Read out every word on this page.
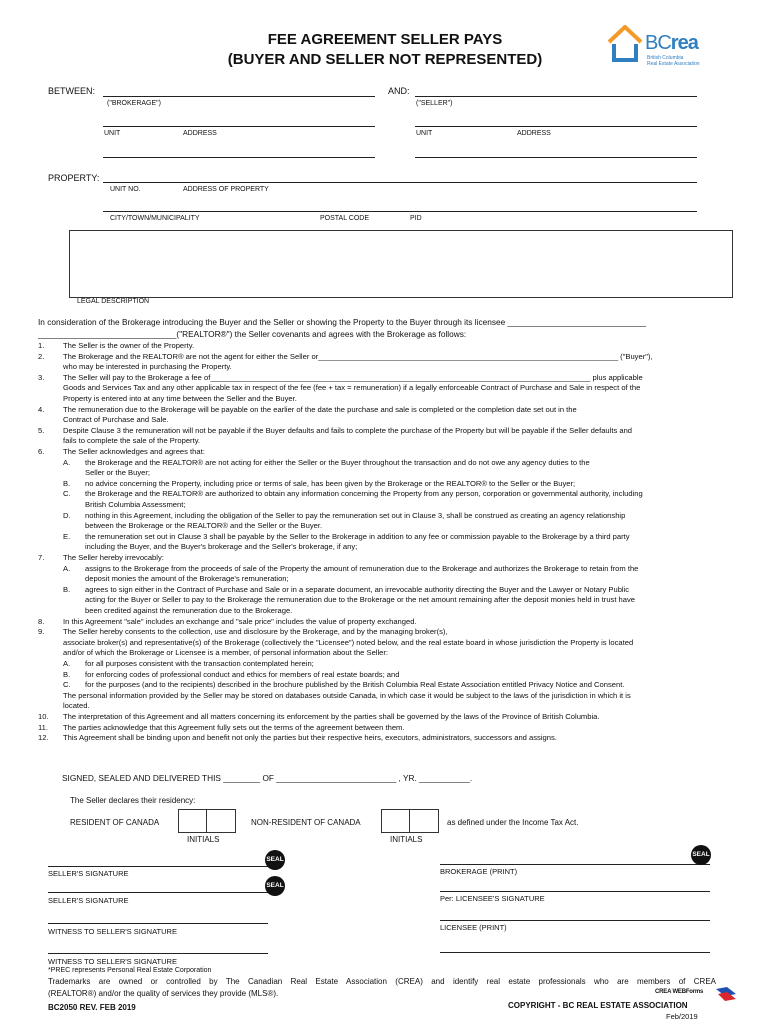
FEE AGREEMENT SELLER PAYS
(BUYER AND SELLER NOT REPRESENTED)
BCrea
British Columbia
Real Estate Association
BETWEEN:
("BROKERAGE")
AND:
("SELLER")
UNIT	ADDRESS	UNIT	ADDRESS
PROPERTY:
UNIT NO.	ADDRESS OF PROPERTY
CITY/TOWN/MUNICIPALITY	POSTAL CODE	PID
LEGAL DESCRIPTION
In consideration of the Brokerage introducing the Buyer and the Seller or showing the Property to the Buyer through its licensee ______________________________
______________________________("REALTOR®") the Seller covenants and agrees with the Brokerage as follows:
1.	The Seller is the owner of the Property.
2.	The Brokerage and the REALTOR® are not the agent for either the Seller or_______________________________________________________________________ ("Buyer"),
who may be interested in purchasing the Property.
3.	The Seller will pay to the Brokerage a fee of__________________________________________________________________________________________ plus applicable
Goods and Services Tax and any other applicable tax in respect of the fee (fee + tax = remuneration) if a legally enforceable Contract of Purchase and Sale in respect of the
Property is entered into at any time between the Seller and the Buyer.
4.	The remuneration due to the Brokerage will be payable on the earlier of the date the purchase and sale is completed or the completion date set out in the
Contract of Purchase and Sale.
5.	Despite Clause 3 the remuneration will not be payable if the Buyer defaults and fails to complete the purchase of the Property but will be payable if the Seller defaults and
fails to complete the sale of the Property.
6.	The Seller acknowledges and agrees that:
A.	the Brokerage and the REALTOR® are not acting for either the Seller or the Buyer throughout the transaction and do not owe any agency duties to the
Seller or the Buyer;
B.	no advice concerning the Property, including price or terms of sale, has been given by the Brokerage or the REALTOR® to the Seller or the Buyer;
C.	the Brokerage and the REALTOR® are authorized to obtain any information concerning the Property from any person, corporation or governmental authority, including
British Columbia Assessment;
D.	nothing in this Agreement, including the obligation of the Seller to pay the remuneration set out in Clause 3, shall be construed as creating an agency relationship
between the Brokerage or the REALTOR® and the Seller or the Buyer.
E.	the remuneration set out in Clause 3 shall be payable by the Seller to the Brokerage in addition to any fee or commission payable to the Brokerage by a third party
including the Buyer, and the Buyer's brokerage and the Seller's brokerage, if any;
7.	The Seller hereby irrevocably:
A.	assigns to the Brokerage from the proceeds of sale of the Property the amount of remuneration due to the Brokerage and authorizes the Brokerage to retain from the
deposit monies the amount of the Brokerage's remuneration;
B.	agrees to sign either in the Contract of Purchase and Sale or in a separate document, an irrevocable authority directing the Buyer and the Lawyer or Notary Public
acting for the Buyer or Seller to pay to the Brokerage the remuneration due to the Brokerage or the net amount remaining after the deposit monies held in trust have
been credited against the remuneration due to the Brokerage.
8.	In this Agreement "sale" includes an exchange and "sale price" includes the value of property exchanged.
9.	The Seller hereby consents to the collection, use and disclosure by the Brokerage, and by the managing broker(s),
associate broker(s) and representative(s) of the Brokerage (collectively the "Licensee") noted below, and the real estate board in whose jurisdiction the Property is located
and/or of which the Brokerage or Licensee is a member, of personal information about the Seller:
A.	for all purposes consistent with the transaction contemplated herein;
B.	for enforcing codes of professional conduct and ethics for members of real estate boards; and
C.	for the purposes (and to the recipients) described in the brochure published by the British Columbia Real Estate Association entitled Privacy Notice and Consent.
The personal information provided by the Seller may be stored on databases outside Canada, in which case it would be subject to the laws of the jurisdiction in which it is
located.
10.	The interpretation of this Agreement and all matters concerning its enforcement by the parties shall be governed by the laws of the Province of British Columbia.
11.	The parties acknowledge that this Agreement fully sets out the terms of the agreement between them.
12.	This Agreement shall be binding upon and benefit not only the parties but their respective heirs, executors, administrators, successors and assigns.
SIGNED, SEALED AND DELIVERED THIS ________ OF __________________________ , YR. ___________.
The Seller declares their residency:
RESIDENT OF CANADA
INITIALS
NON-RESIDENT OF CANADA
INITIALS
as defined under the Income Tax Act.
SEAL
SELLER'S SIGNATURE
SEAL
SELLER'S SIGNATURE
WITNESS TO SELLER'S SIGNATURE
WITNESS TO SELLER'S SIGNATURE
SEAL
BROKERAGE (PRINT)
Per: LICENSEE'S SIGNATURE
LICENSEE (PRINT)
*PREC represents Personal Real Estate Corporation
Trademarks are owned or controlled by The Canadian Real Estate Association (CREA) and identify real estate professionals who are members of CREA
(REALTOR®) and/or the quality of services they provide (MLS®).
BC2050 REV. FEB 2019	COPYRIGHT - BC REAL ESTATE ASSOCIATION
Feb/2019
CREA WEBForms
